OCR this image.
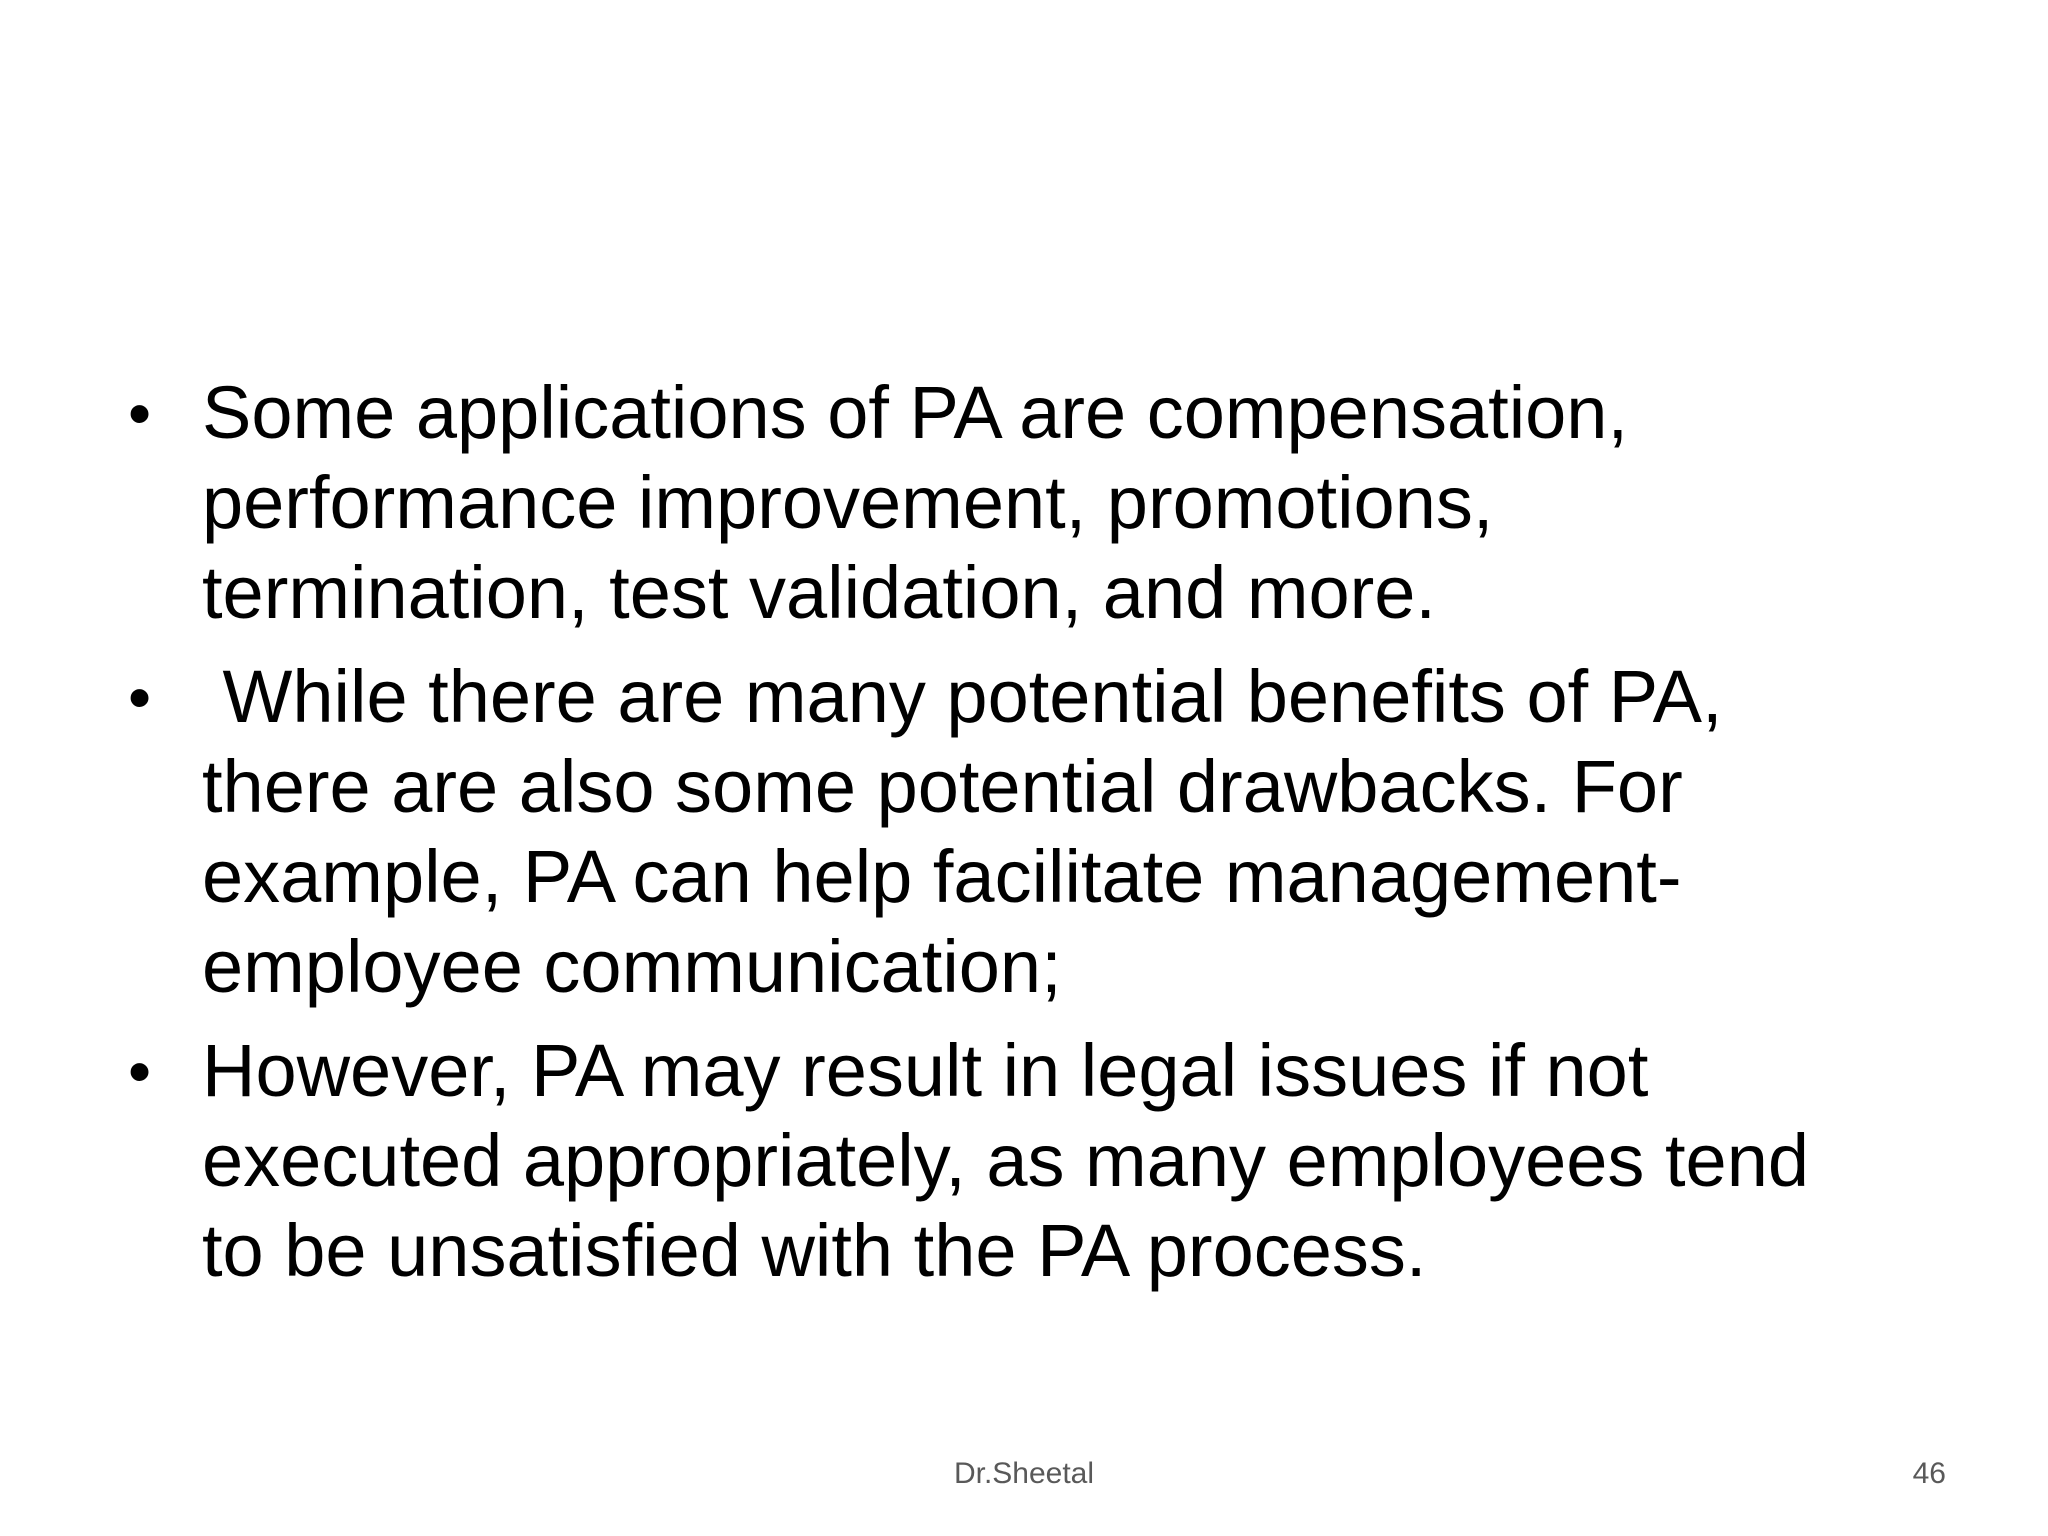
• Some applications of PA are compensation,
performance improvement, promotions,
termination, test validation, and more.
• While there are many potential benefits of PA,
there are also some potential drawbacks. For
example, PA can help facilitate management-
employee communication;
• However, PA may result in legal issues if not
executed appropriately, as many employees tend
to be unsatisfied with the PA process.
Dr.Sheetal	46
